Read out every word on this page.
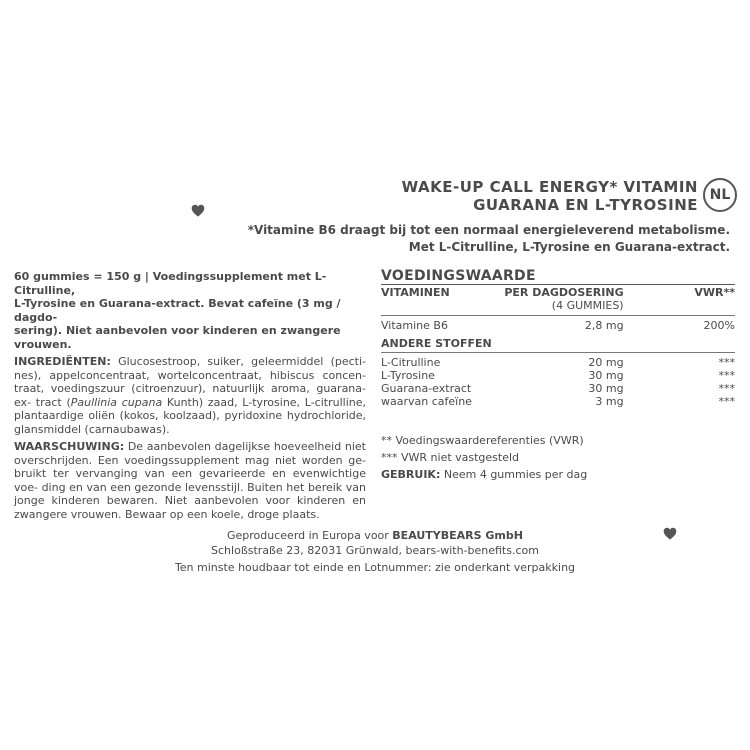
WAKE-UP CALL ENERGY* VITAMIN
GUARANA EN L-TYROSINE
NL
*Vitamine B6 draagt bij tot een normaal energieleverend metabolisme.
Met L-Citrulline, L-Tyrosine en Guarana-extract.

60 gummies = 150 g | Voedingssupplement met L-Citrulline,
L-Tyrosine en Guarana-extract. Bevat cafeïne (3 mg / dagdo-
sering). Niet aanbevolen voor kinderen en zwangere vrouwen.

INGREDIËNTEN: Glucosestroop, suiker, geleermiddel (pecti- nes), appelconcentraat, wortelconcentraat, hibiscus concen- traat, voedingszuur (citroenzuur), natuurlijk aroma, guarana-ex- tract (Paullinia cupana Kunth) zaad, L-tyrosine, L-citrulline, plantaardige oliën (kokos, koolzaad), pyridoxine hydrochloride, glansmiddel (carnaubawas).

WAARSCHUWING: De aanbevolen dagelijkse hoeveelheid niet overschrijden. Een voedingssupplement mag niet worden ge- bruikt ter vervanging van een gevarieerde en evenwichtige voe- ding en van een gezonde levensstijl. Buiten het bereik van jonge kinderen bewaren. Niet aanbevolen voor kinderen en zwangere vrouwen. Bewaar op een koele, droge plaats.

VOEDINGSWAARDE
VITAMINEN	PER DAGDOSERING	VWR**
	(4 GUMMIES)	
Vitamine B6	2,8 mg	200%
ANDERE STOFFEN		
L-Citrulline	20 mg	***
L-Tyrosine	30 mg	***
Guarana-extract	30 mg	***
waarvan cafeïne	3 mg	***
** Voedingswaardereferenties (VWR)
*** VWR niet vastgesteld
GEBRUIK: Neem 4 gummies per dag
Geproduceerd in Europa voor BEAUTYBEARS GmbH
Schloßstraße 23, 82031 Grünwald, bears-with-benefits.com
Ten minste houdbaar tot einde en Lotnummer: zie onderkant verpakking
